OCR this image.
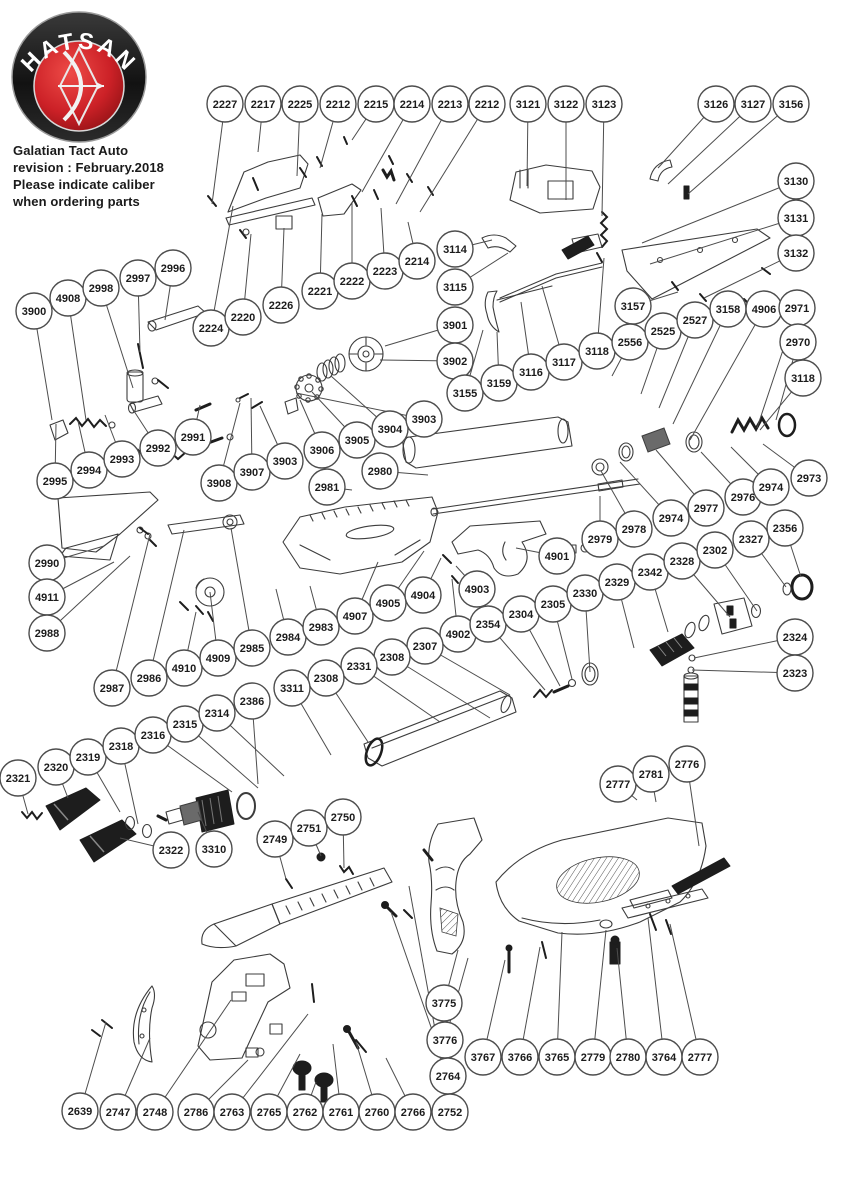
HATSAN
2227 2217 2225 2212 2215 2214 2213 2212 3121 3122 3123	3126 3127 3156
3130
3131
3132
3900
4908
2998
2997
2996
2224
2220
2226
2221
2222
2223
2214
3114
3115
3901
3902
3155
3159
3116
3117
3118
3157
2556
2525
2527
3158 4906 2971
2970
3118
2995
2994
2993
2992
2991
3908
3907
3903
3906
3905
3904
3903
2981
2980
2979
2978
2974
2977
2976
2974
2973
2990
4911
2988
2987
2986
4910
4909
2985
2984
2983
4907
4905
4904	4903
4901
4902
2354
2304
2305
2330
2329
2342
2328
2302
2327
2356
2324
2323
2307
2308
2331
2308
3311
2386
2321
2320
2319
2318
2316
2315
2314
2322 3310
2749
2751
2750
2777
2781
2776
3775
3776
2764
2752
2639 2747 2748 2786 2763 2765 2762 2761 2760 2766
3767 3766 3765 2779 2780 3764 2777
Galatian Tact Auto
revision : February.2018
Please indicate caliber
when ordering parts
